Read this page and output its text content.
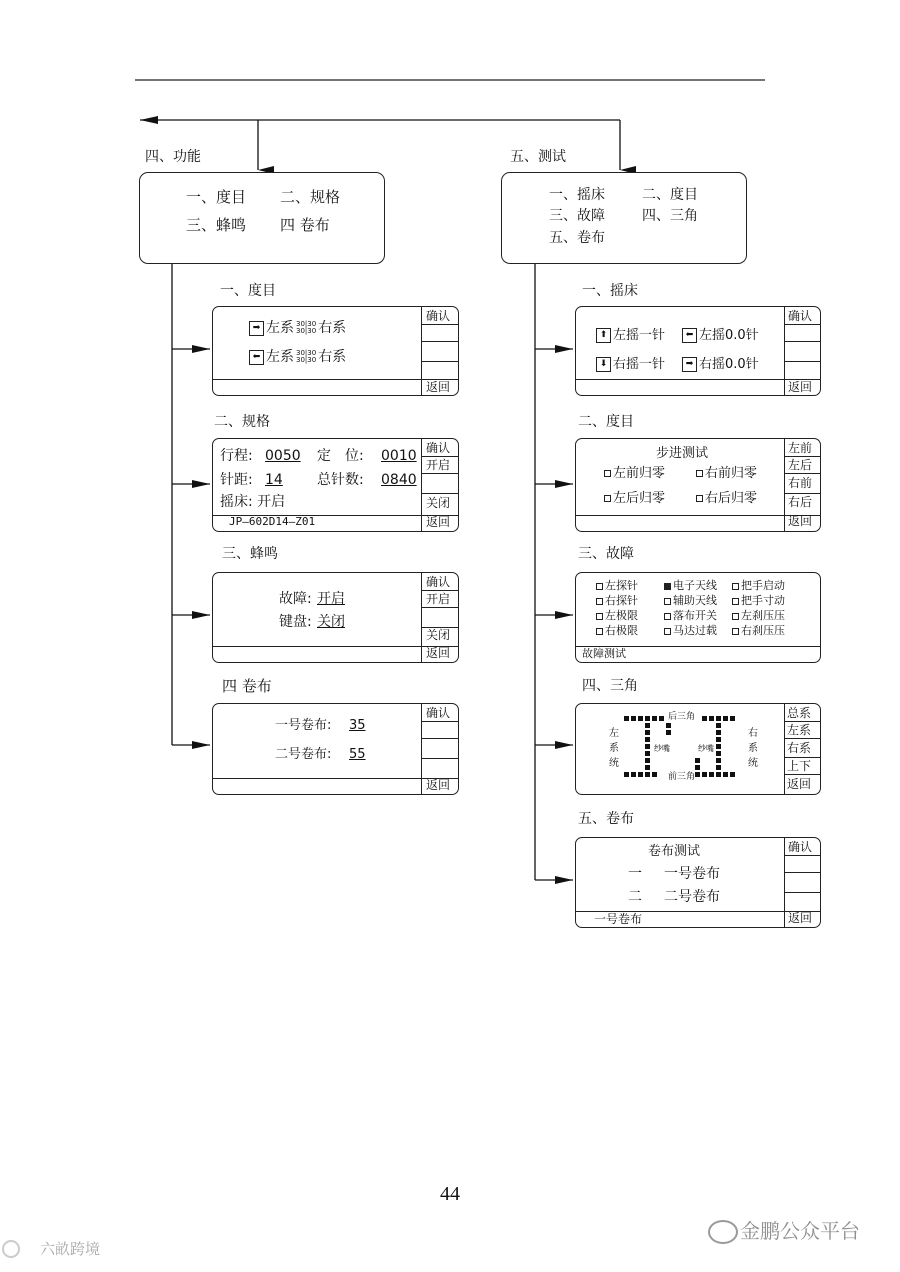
四、功能
一、度目 二、规格
三、蜂鸣 四 卷布
一、度目
确认
返回
➡ 左系 30|30
30|30 右系
⬅ 左系 30|30
30|30 右系
二、规格
确认
开启
关闭
返回
行程: 0050 定　位: 0010
针距: 14 总针数: 0840
摇床: 开启
JP—602D14—Z01
三、蜂鸣
确认
开启
关闭
返回
故障: 开启
键盘: 关闭
四 卷布
确认
返回
一号卷布: 35
二号卷布: 55
五、测试
一、摇床	二、度目
三、故障	四、三角
五、卷布
一、摇床
确认
返回
⬆ 左摇一针	⬅ 左摇0.0针
⬇ 右摇一针	➡ 右摇0.0针
二、度目
左前
左后
右前
右后
返回
步进测试
左前归零	右前归零
左后归零	右后归零
三、故障
故障测试
左探针	电子天线	把手启动
右探针	辅助天线	把手寸动
左极限	落布开关	左刹压压
右极限	马达过载	右刹压压
四、三角
总系
左系
右系
上下
返回
左
系
统
右
系
统
后三角
前三角
纱嘴	纱嘴
五、卷布
确认
返回
卷布测试
一 一号卷布
二 二号卷布
一号卷布
44
六畝跨境
金鹏公众平台
